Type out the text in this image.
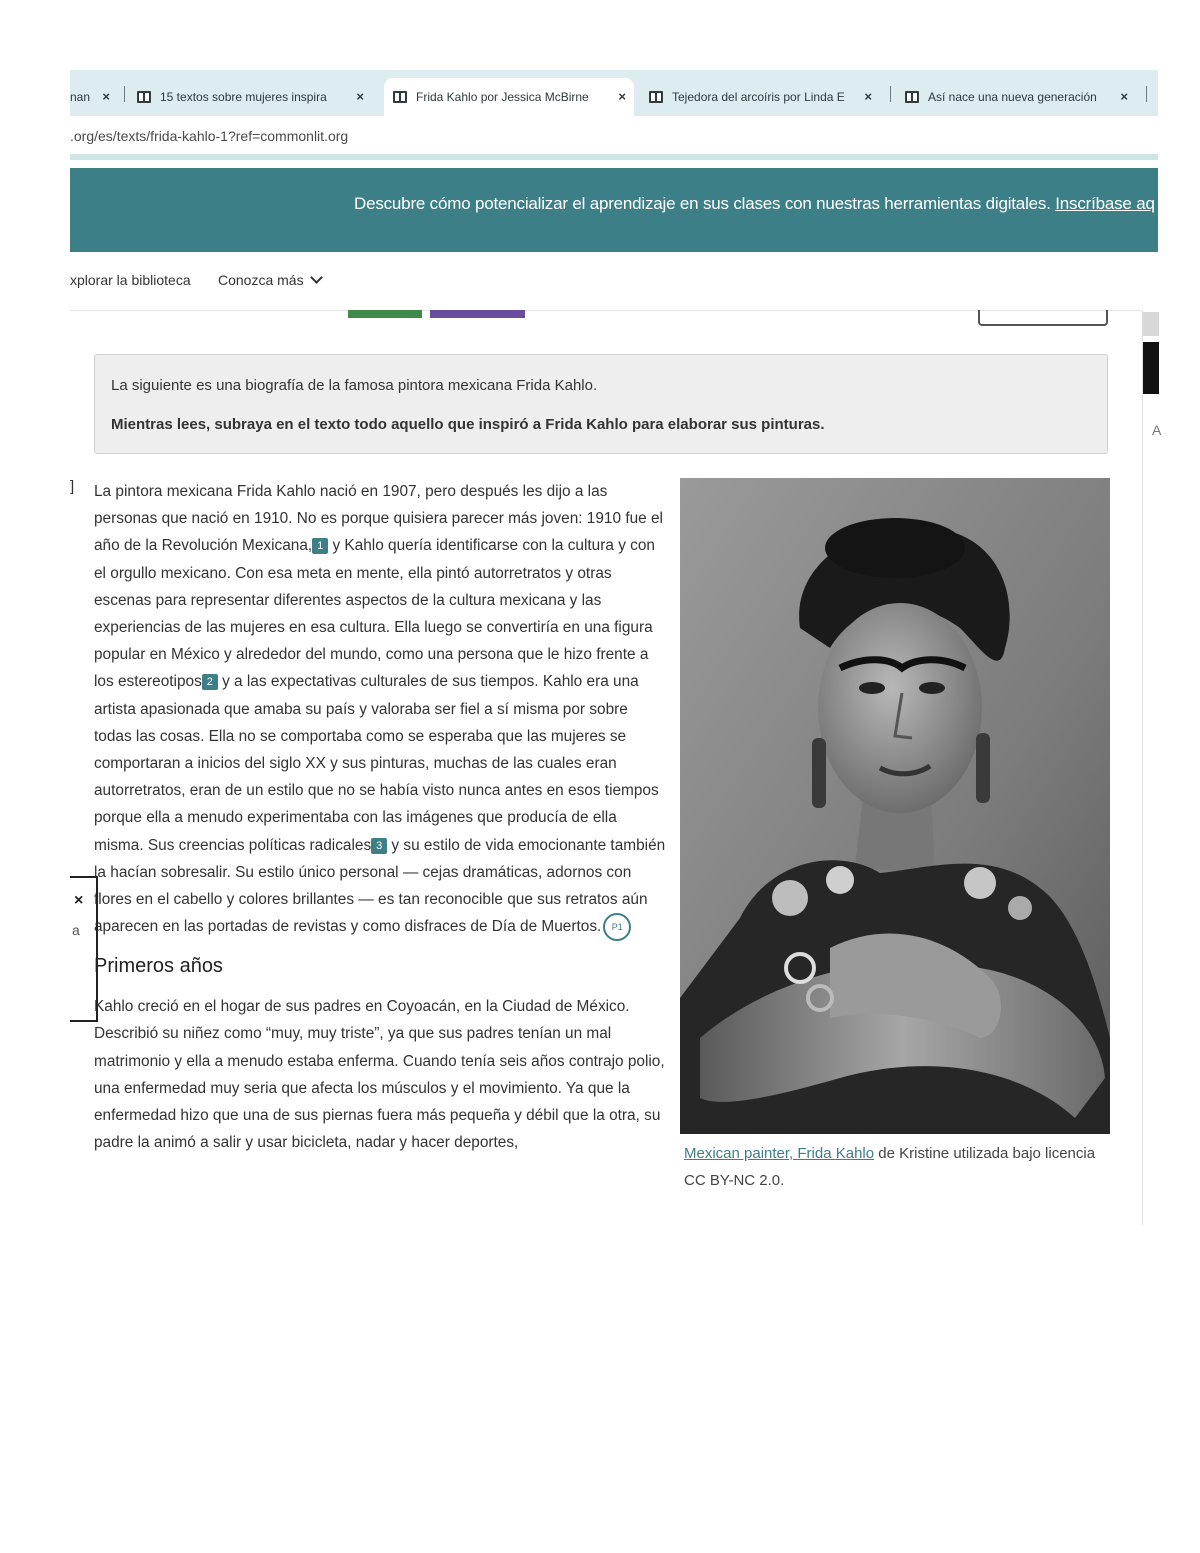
nan ×	15 textos sobre mujeres inspira ×	Frida Kahlo por Jessica McBirne ×	Tejedora del arcoíris por Linda E ×	Así nace una nueva generación ×
.org/es/texts/frida-kahlo-1?ref=commonlit.org
Descubre cómo potencializar el aprendizaje en sus clases con nuestras herramientas digitales. Inscríbase aq
xplorar la biblioteca Conozca más
A
La siguiente es una biografía de la famosa pintora mexicana Frida Kahlo.
Mientras lees, subraya en el texto todo aquello que inspiró a Frida Kahlo para elaborar sus pinturas.
] La pintora mexicana Frida Kahlo nació en 1907, pero después les dijo a las personas que nació en 1910. No es porque quisiera parecer más joven: 1910 fue el año de la Revolución Mexicana, 1 y Kahlo quería identificarse con la cultura y con el orgullo mexicano. Con esa meta en mente, ella pintó autorretratos y otras escenas para representar diferentes aspectos de la cultura mexicana y las experiencias de las mujeres en esa cultura. Ella luego se convertiría en una figura popular en México y alrededor del mundo, como una persona que le hizo frente a los estereotipos 2 y a las expectativas culturales de sus tiempos. Kahlo era una artista apasionada que amaba su país y valoraba ser fiel a sí misma por sobre todas las cosas. Ella no se comportaba como se esperaba que las mujeres se comportaran a inicios del siglo XX y sus pinturas, muchas de las cuales eran autorretratos, eran de un estilo que no se había visto nunca antes en esos tiempos porque ella a menudo experimentaba con las imágenes que producía de ella misma. Sus creencias políticas radicales 3 y su estilo de vida emocionante también la hacían sobresalir. Su estilo único personal — cejas dramáticas, adornos con flores en el cabello y colores brillantes — es tan reconocible que sus retratos aún aparecen en las portadas de revistas y como disfraces de Día de Muertos. P1

Primeros años

Kahlo creció en el hogar de sus padres en Coyoacán, en la Ciudad de México. Describió su niñez como “muy, muy triste”, ya que sus padres tenían un mal matrimonio y ella a menudo estaba enferma. Cuando tenía seis años contrajo polio, una enfermedad muy seria que afecta los músculos y el movimiento. Ya que la enfermedad hizo que una de sus piernas fuera más pequeña y débil que la otra, su padre la animó a salir y usar bicicleta, nadar y hacer deportes,

×
a
Mexican painter, Frida Kahlo de Kristine utilizada bajo licencia CC BY-NC 2.0.
